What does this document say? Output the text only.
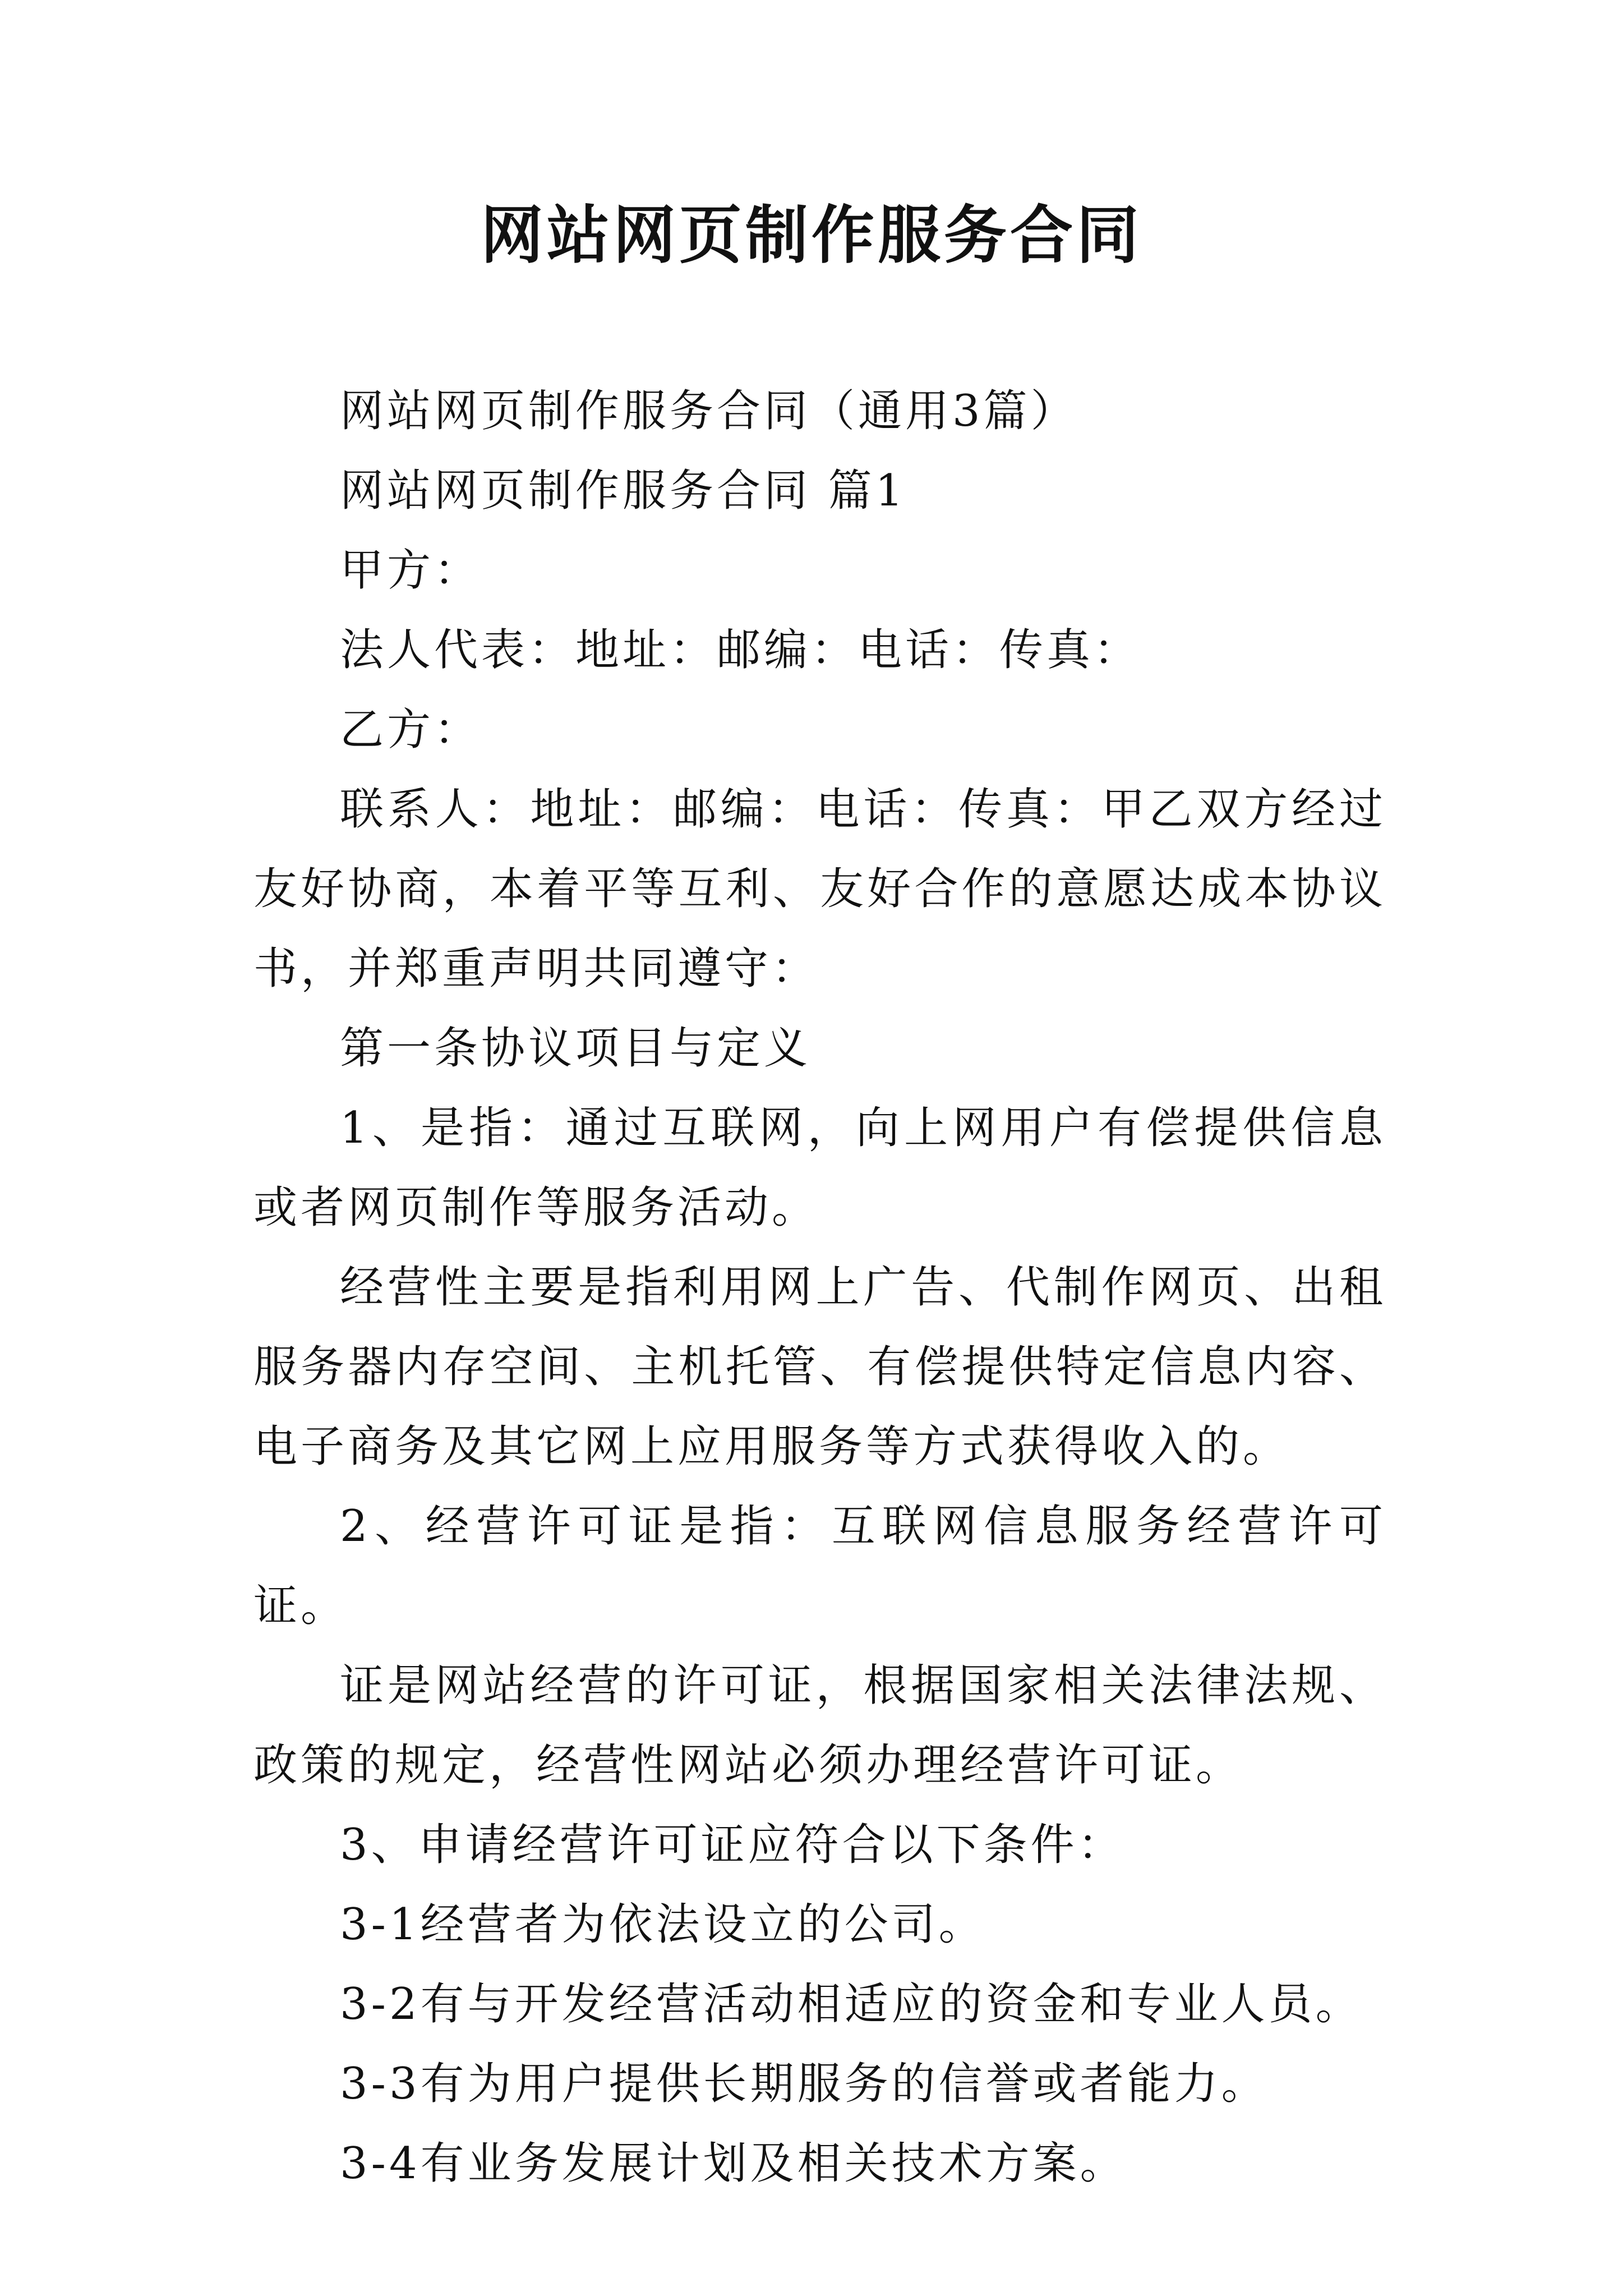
网站网页制作服务合同

网站网页制作服务合同（通用3篇）

网站网页制作服务合同 篇1

甲方：

法人代表：地址：邮编：电话：传真：

乙方：

联系人：地址：邮编：电话：传真：甲乙双方经过友好协商，本着平等互利、友好合作的意愿达成本协议书，并郑重声明共同遵守：

第一条协议项目与定义

1、是指：通过互联网，向上网用户有偿提供信息或者网页制作等服务活动。

经营性主要是指利用网上广告、代制作网页、出租服务器内存空间、主机托管、有偿提供特定信息内容、电子商务及其它网上应用服务等方式获得收入的。

2、经营许可证是指：互联网信息服务经营许可证。

证是网站经营的许可证，根据国家相关法律法规、政策的规定，经营性网站必须办理经营许可证。

3、申请经营许可证应符合以下条件：

3-1经营者为依法设立的公司。

3-2有与开发经营活动相适应的资金和专业人员。

3-3有为用户提供长期服务的信誉或者能力。

3-4有业务发展计划及相关技术方案。
